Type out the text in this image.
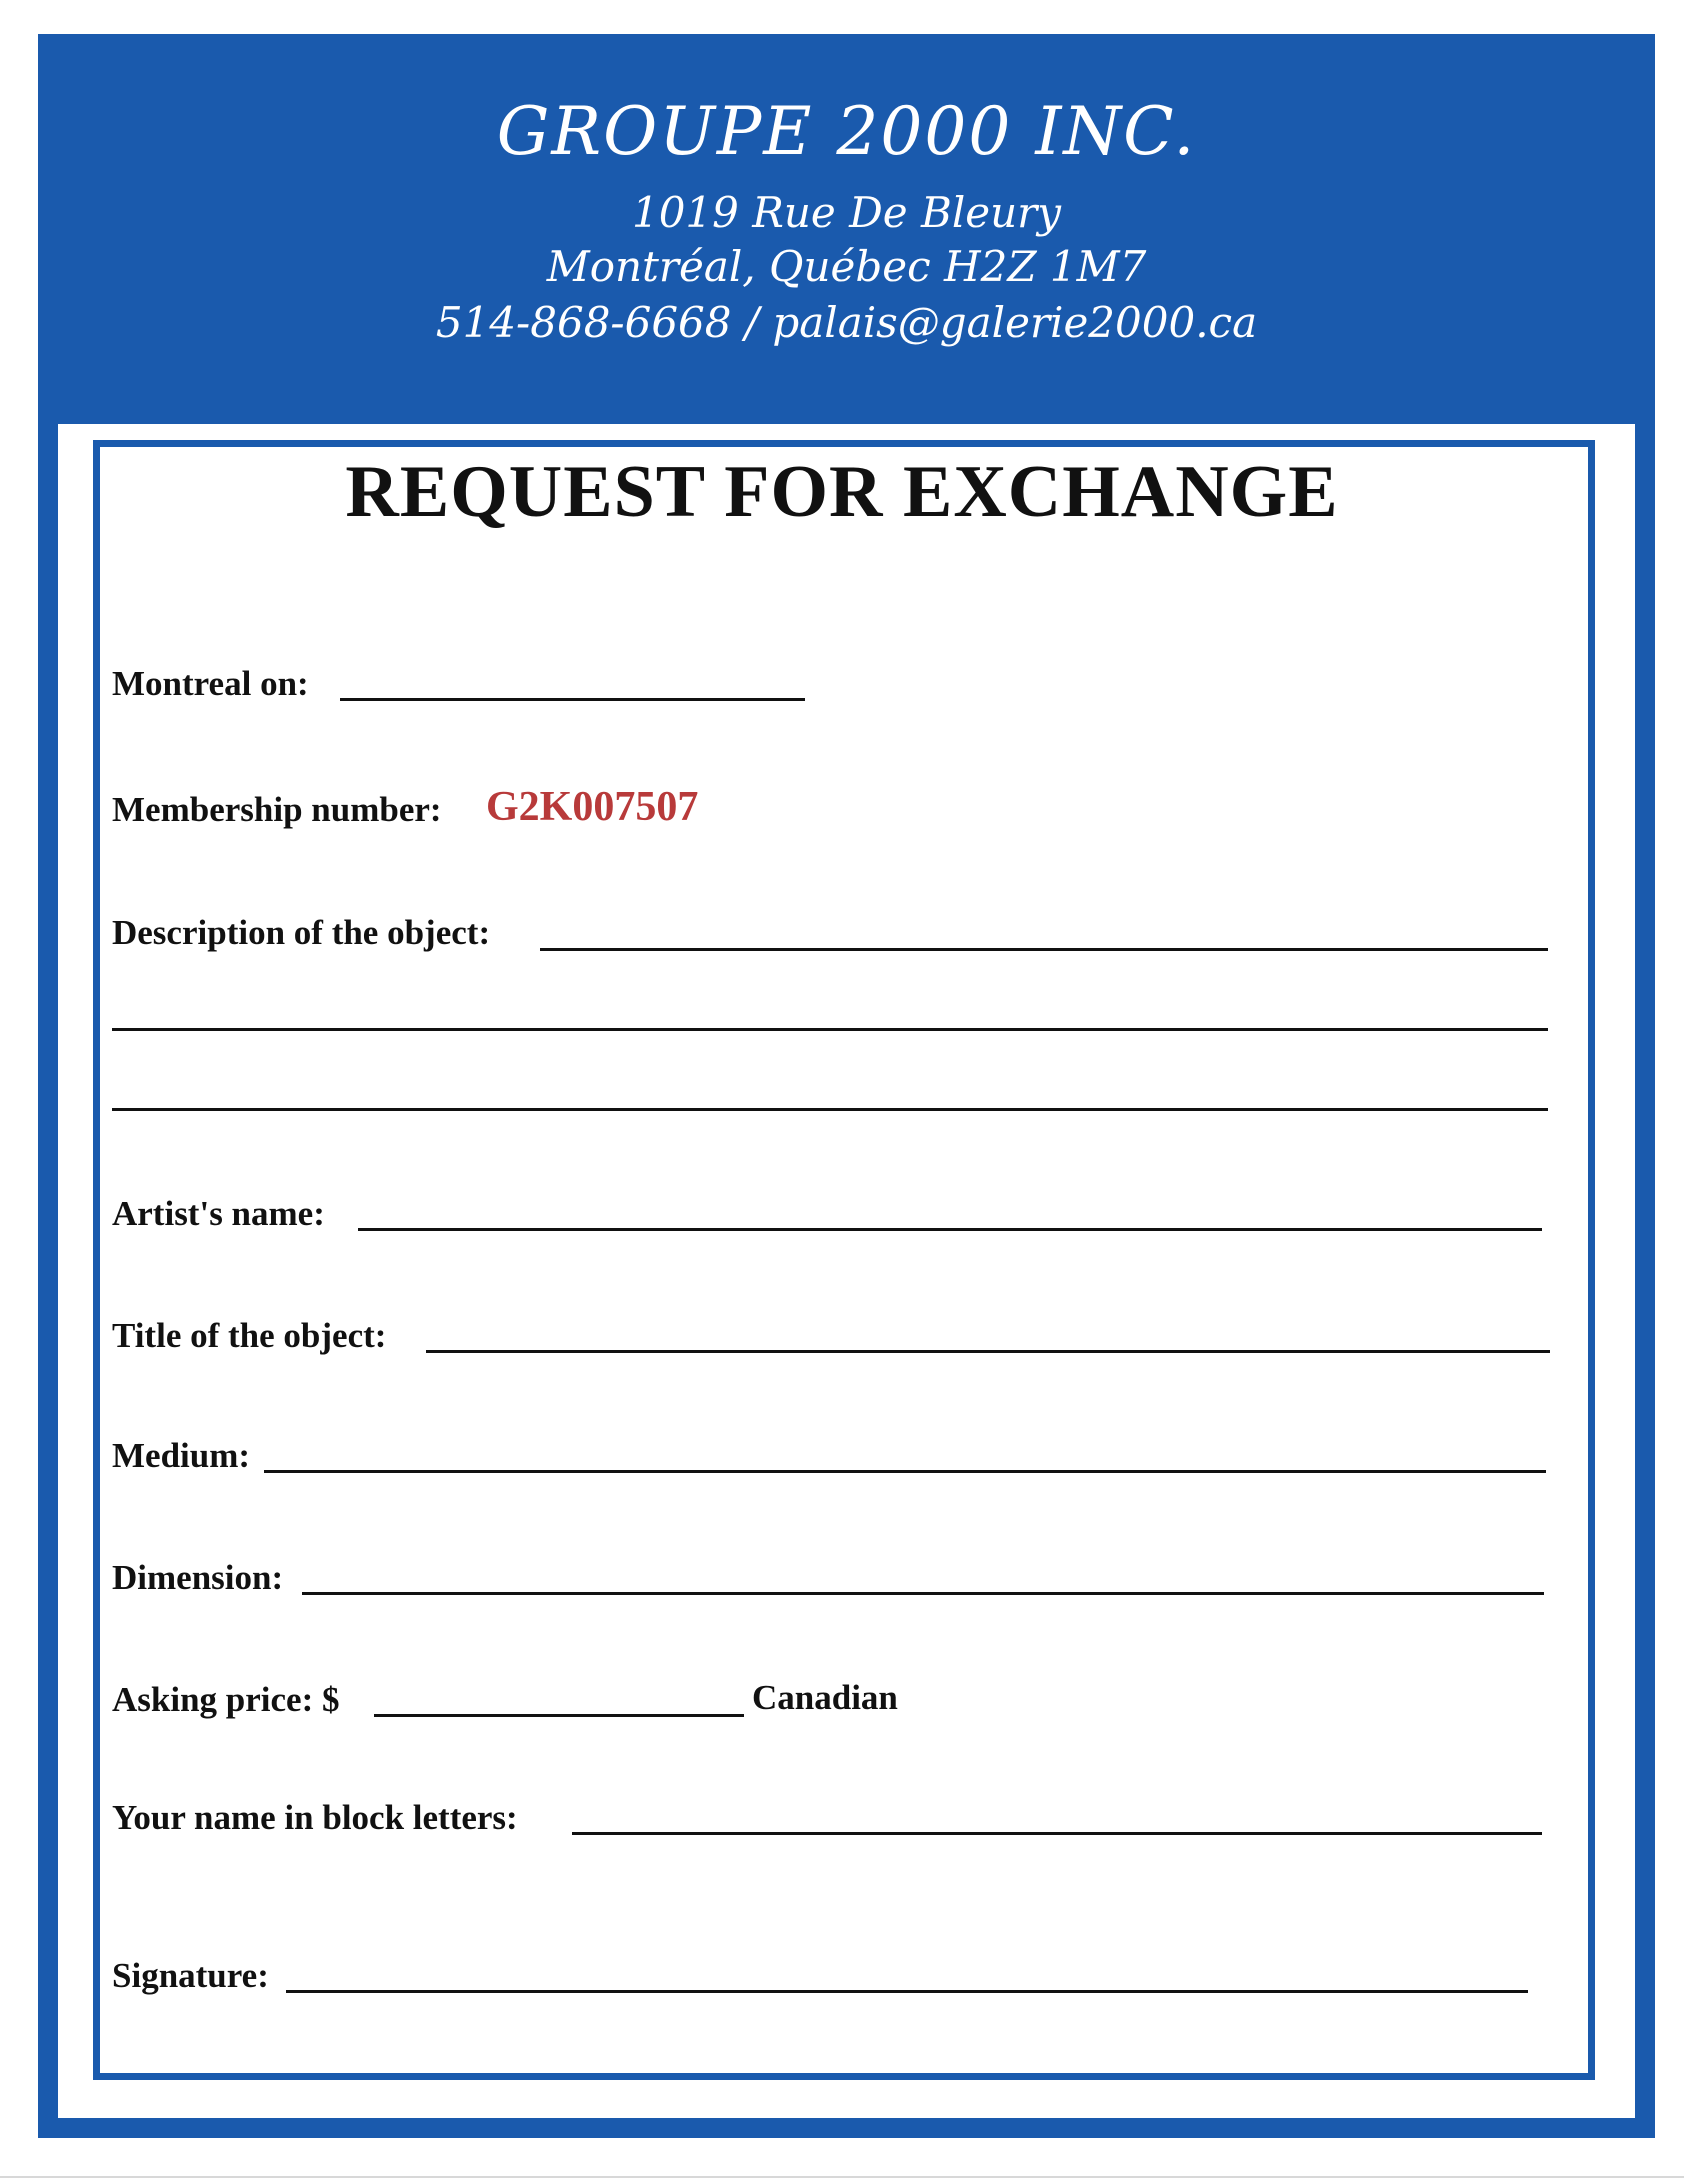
GROUPE 2000 INC.
1019 Rue De Bleury
Montréal, Québec H2Z 1M7
514-868-6668 / palais@galerie2000.ca
REQUEST FOR EXCHANGE
Montreal on:
Membership number: G2K007507
Description of the object:
Artist's name:
Title of the object:
Medium:
Dimension:
Asking price: $	Canadian
Your name in block letters:
Signature:
